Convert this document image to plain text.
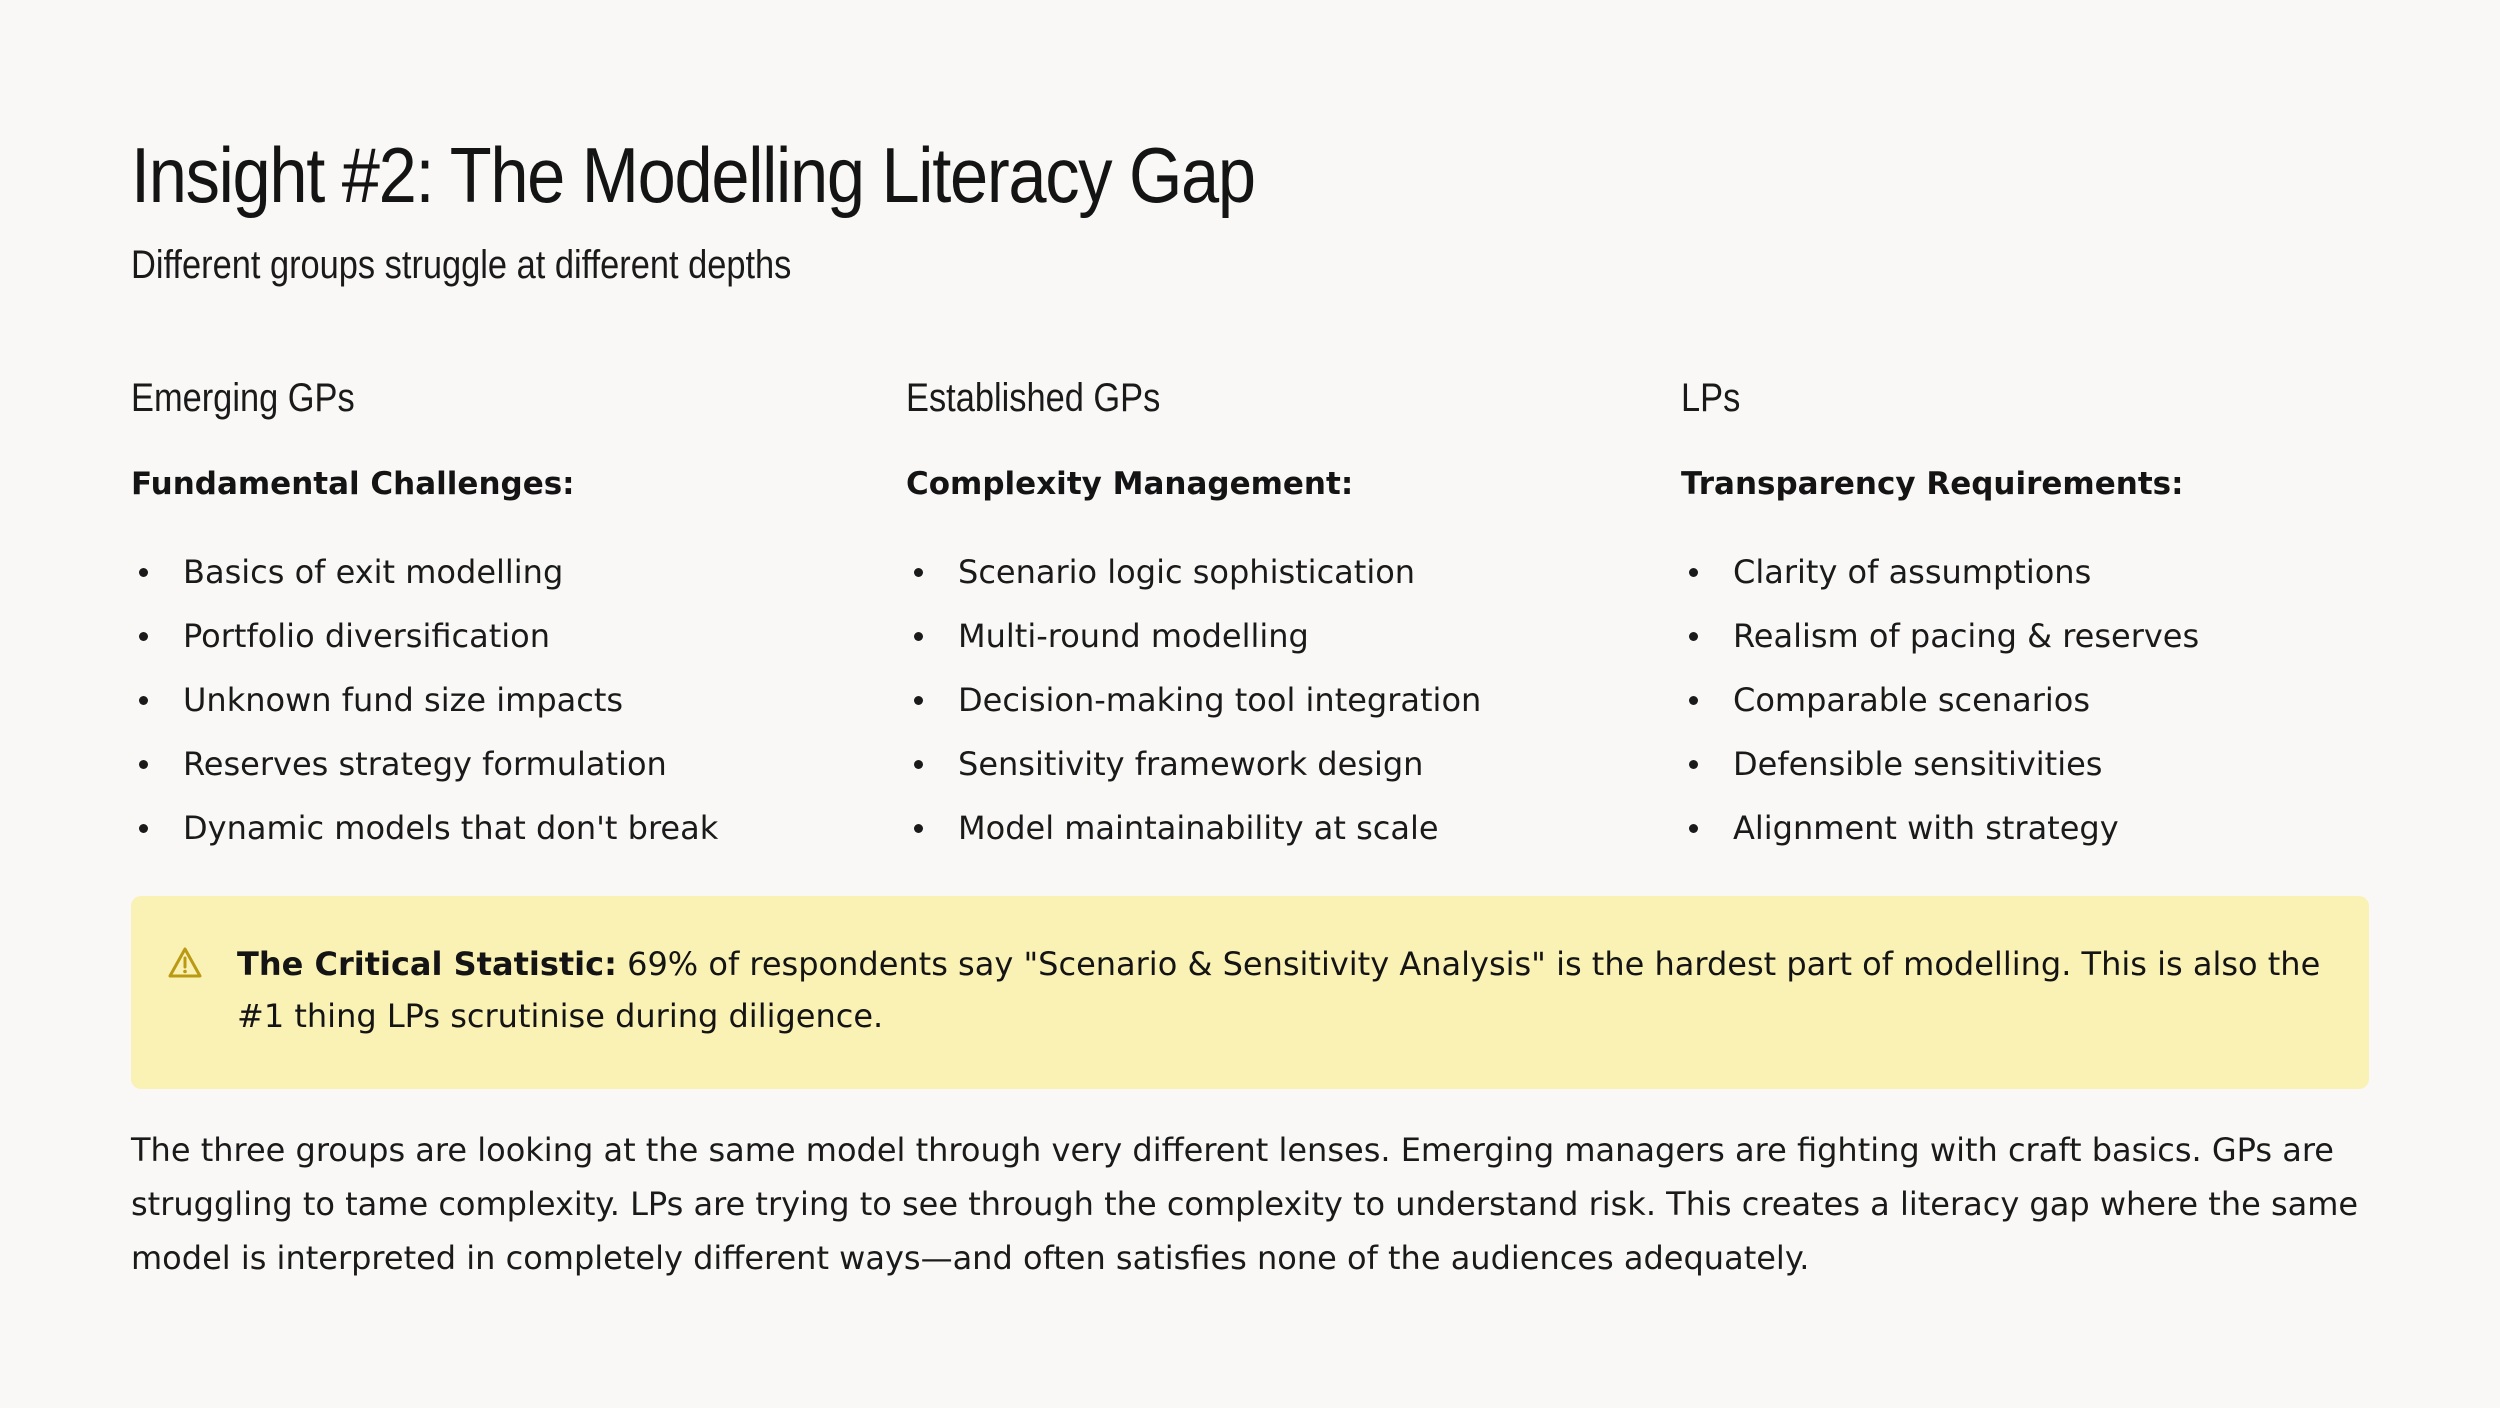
Insight #2: The Modelling Literacy Gap
Different groups struggle at different depths
Emerging GPs

Fundamental Challenges:

Basics of exit modelling
Portfolio diversification
Unknown fund size impacts
Reserves strategy formulation
Dynamic models that don't break
Established GPs

Complexity Management:

Scenario logic sophistication
Multi-round modelling
Decision-making tool integration
Sensitivity framework design
Model maintainability at scale
LPs

Transparency Requirements:

Clarity of assumptions
Realism of pacing & reserves
Comparable scenarios
Defensible sensitivities
Alignment with strategy

The Critical Statistic: 69% of respondents say "Scenario & Sensitivity Analysis" is the hardest part of modelling. This is also the #1 thing LPs scrutinise during diligence.

The three groups are looking at the same model through very different lenses. Emerging managers are fighting with craft basics. GPs are struggling to tame complexity. LPs are trying to see through the complexity to understand risk. This creates a literacy gap where the same model is interpreted in completely different ways—and often satisfies none of the audiences adequately.
